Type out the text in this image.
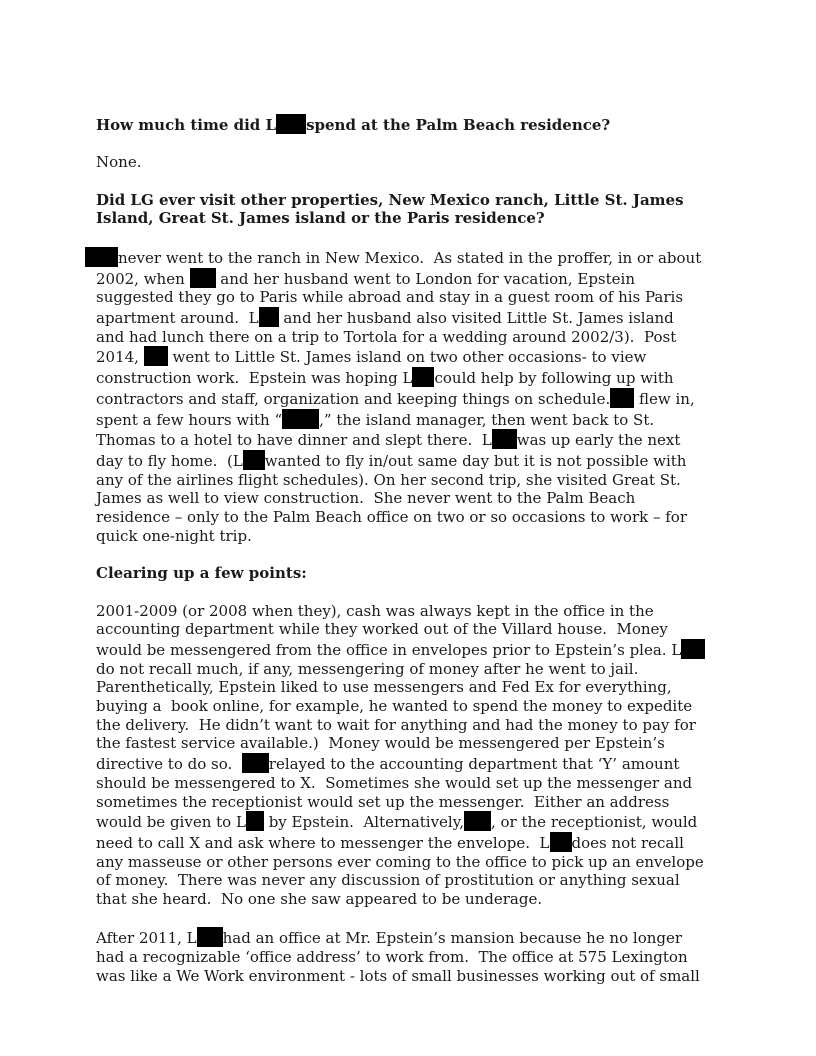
How much time did L spend at the Palm Beach residence?
None.
Did LG ever visit other properties, New Mexico ranch, Little St. James
Island, Great St. James island or the Paris residence?
never went to the ranch in New Mexico.  As stated in the proffer, in or about
2002, when  and her husband went to London for vacation, Epstein
suggested they go to Paris while abroad and stay in a guest room of his Paris
apartment around.  L and her husband also visited Little St. James island
and had lunch there on a trip to Tortola for a wedding around 2002/3).  Post
2014,  went to Little St. James island on two other occasions- to view
construction work.  Epstein was hoping L could help by following up with
contractors and staff, organization and keeping things on schedule. flew in,
spent a few hours with “ ,” the island manager, then went back to St.
Thomas to a hotel to have dinner and slept there.  L was up early the next
day to fly home.  (L wanted to fly in/out same day but it is not possible with
any of the airlines flight schedules). On her second trip, she visited Great St.
James as well to view construction.  She never went to the Palm Beach
residence – only to the Palm Beach office on two or so occasions to work – for
quick one-night trip.
Clearing up a few points:
2001-2009 (or 2008 when they), cash was always kept in the office in the
accounting department while they worked out of the Villard house.  Money
would be messengered from the office in envelopes prior to Epstein’s plea. L
do not recall much, if any, messengering of money after he went to jail.
Parenthetically, Epstein liked to use messengers and Fed Ex for everything,
buying a  book online, for example, he wanted to spend the money to expedite
the delivery.  He didn’t want to wait for anything and had the money to pay for
the fastest service available.)  Money would be messengered per Epstein’s
directive to do so.  relayed to the accounting department that ‘Y’ amount
should be messengered to X.  Sometimes she would set up the messenger and
sometimes the receptionist would set up the messenger.  Either an address
would be given to L by Epstein.  Alternatively, , or the receptionist, would
need to call X and ask where to messenger the envelope.  L does not recall
any masseuse or other persons ever coming to the office to pick up an envelope
of money.  There was never any discussion of prostitution or anything sexual
that she heard.  No one she saw appeared to be underage.
After 2011, L had an office at Mr. Epstein’s mansion because he no longer
had a recognizable ‘office address’ to work from.  The office at 575 Lexington
was like a We Work environment - lots of small businesses working out of small
